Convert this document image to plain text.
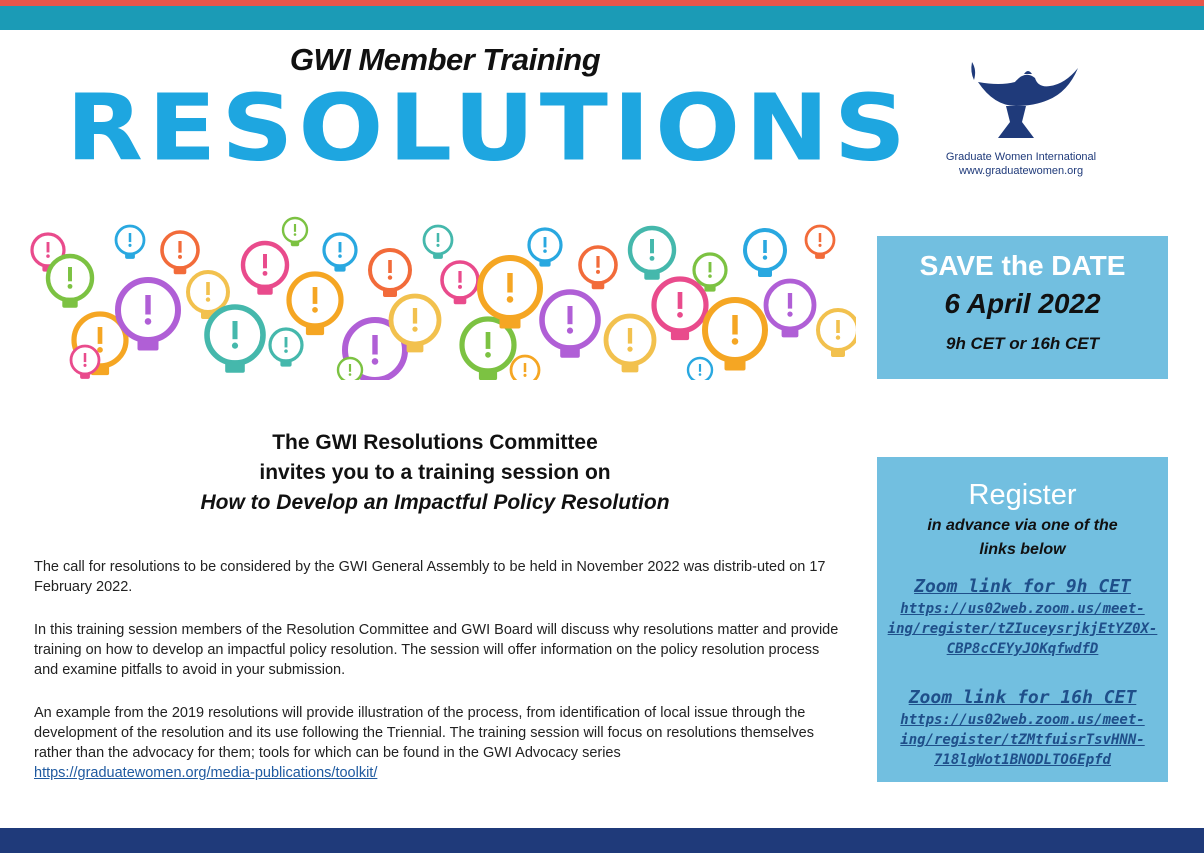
GWI Member Training
RESOLUTIONS	Graduate Women International
www.graduatewomen.org
SAVE the DATE
6 April 2022
9h CET or 16h CET
Register
in advance via one of the
links below
Zoom link for 9h CET
https://us02web.zoom.us/meet-
ing/register/tZIuceysrjkjEtYZ0X-
CBP8cCEYyJOKqfwdfD
Zoom link for 16h CET
https://us02web.zoom.us/meet-
ing/register/tZMtfuisrTsvHNN-
718lgWot1BNODLTO6Epfd
The GWI Resolutions Committee
invites you to a training session on
How to Develop an Impactful Policy Resolution
The call for resolutions to be considered by the GWI General Assembly to be held in November 2022 was distrib-uted on 17 February 2022.
In this training session members of the Resolution Committee and GWI Board will discuss why resolutions matter and provide training on how to develop an impactful policy resolution. The session will offer information on the policy resolution process and examine pitfalls to avoid in your submission.
An example from the 2019 resolutions will provide illustration of the process, from identification of local issue through the development of the resolution and its use following the Triennial. The training session will focus on resolutions themselves rather than the advocacy for them; tools for which can be found in the GWI Advocacy series https://graduatewomen.org/media-publications/toolkit/
